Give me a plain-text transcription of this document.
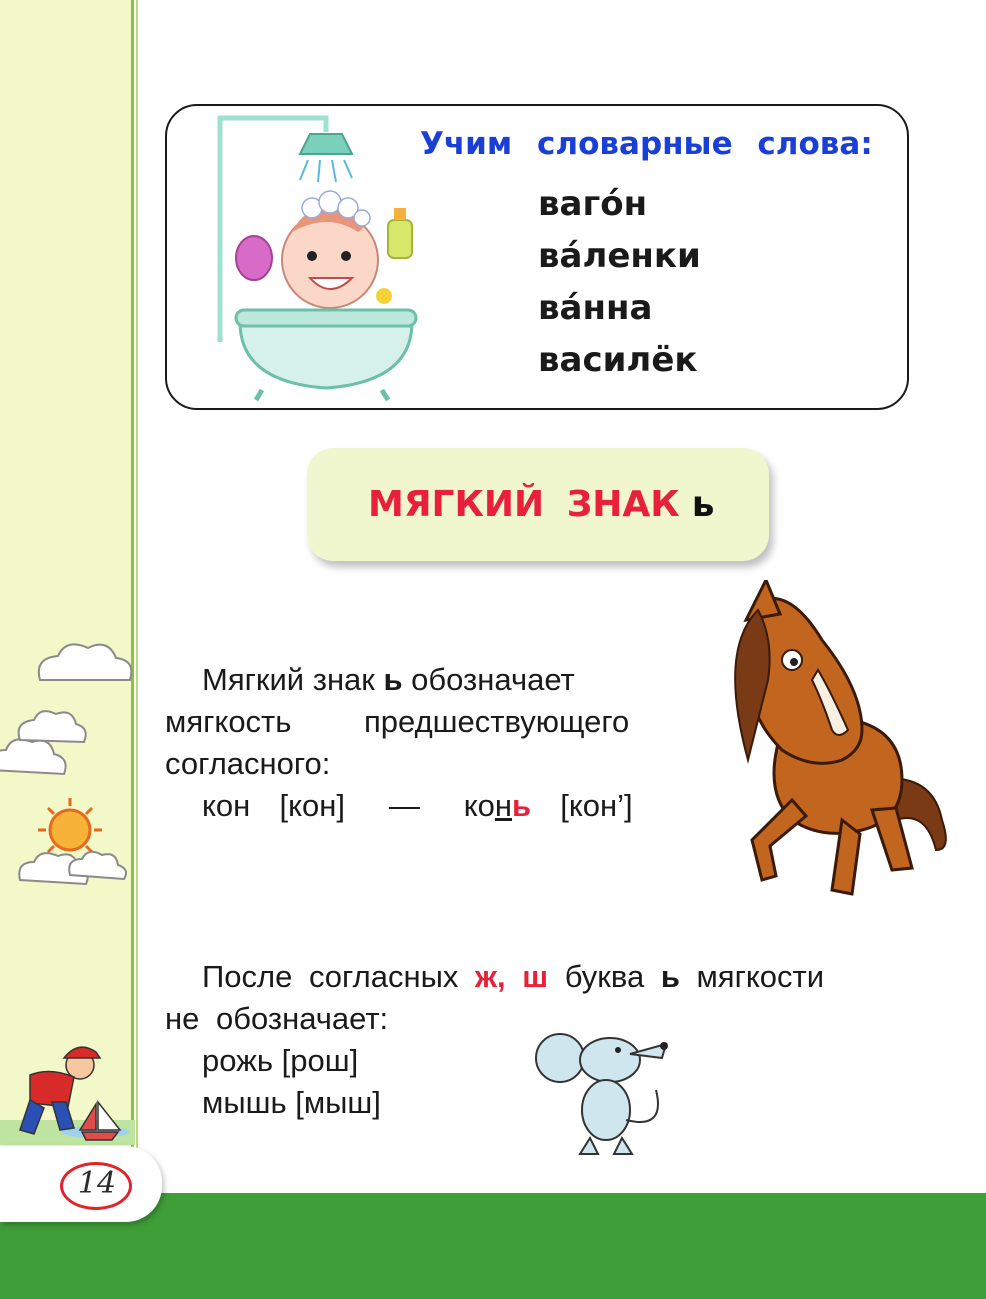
Учим словарные слова:
ваго́н
ва́ленки
ва́нна
василёк
МЯГКИЙ ЗНАК ь
Мягкий знак ь обозначает
мягкость предшествующего
согласного:
кон [кон] — конь [кон’]
После согласных ж, ш буква ь мягкости
не обозначает:
рожь [рош]
мышь [мыш]
14
